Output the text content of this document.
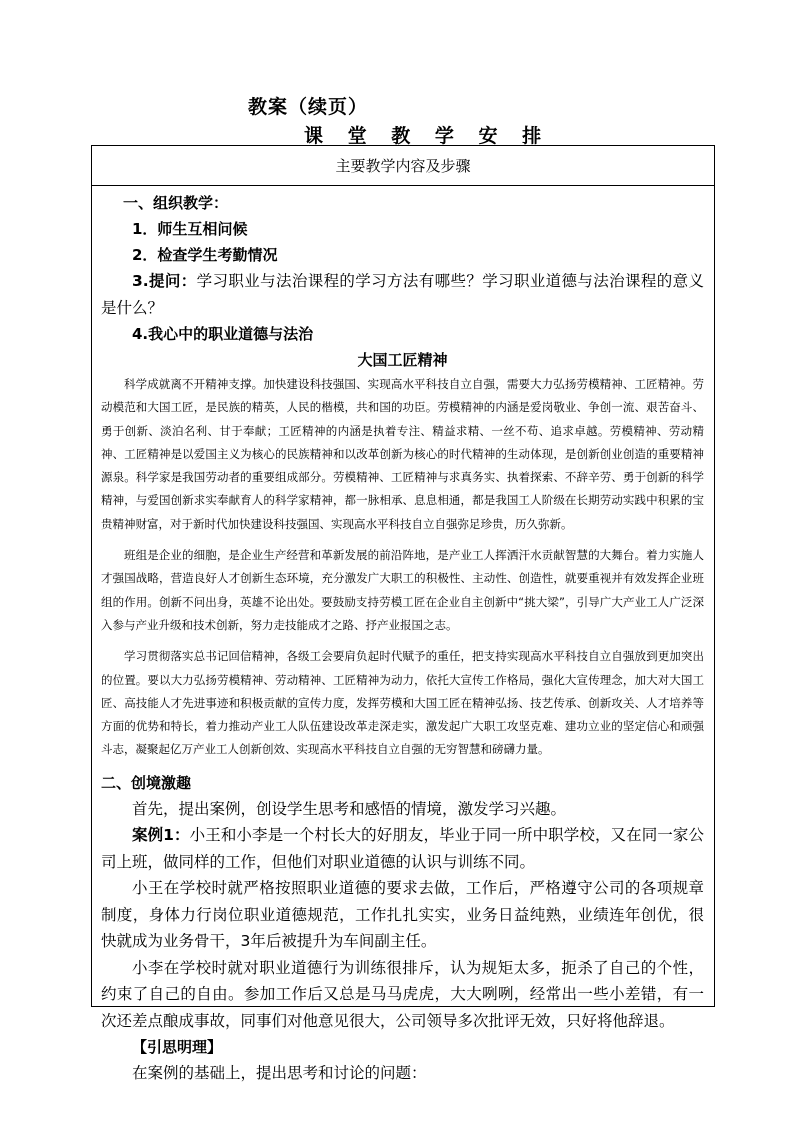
教案（续页）
课 堂 教 学 安 排
主要教学内容及步骤
一、组织教学：
1．师生互相问候
2．检查学生考勤情况
3.提问：学习职业与法治课程的学习方法有哪些？学习职业道德与法治课程的意义是什么？
4.我心中的职业道德与法治
大国工匠精神
科学成就离不开精神支撑。加快建设科技强国、实现高水平科技自立自强，需要大力弘扬劳模精神、工匠精神。劳动模范和大国工匠，是民族的精英，人民的楷模，共和国的功臣。劳模精神的内涵是爱岗敬业、争创一流、艰苦奋斗、勇于创新、淡泊名利、甘于奉献；工匠精神的内涵是执着专注、精益求精、一丝不苟、追求卓越。劳模精神、劳动精神、工匠精神是以爱国主义为核心的民族精神和以改革创新为核心的时代精神的生动体现，是创新创业创造的重要精神源泉。科学家是我国劳动者的重要组成部分。劳模精神、工匠精神与求真务实、执着探索、不辞辛劳、勇于创新的科学精神，与爱国创新求实奉献育人的科学家精神，都一脉相承、息息相通，都是我国工人阶级在长期劳动实践中积累的宝贵精神财富，对于新时代加快建设科技强国、实现高水平科技自立自强弥足珍贵，历久弥新。
班组是企业的细胞，是企业生产经营和革新发展的前沿阵地，是产业工人挥洒汗水贡献智慧的大舞台。着力实施人才强国战略，营造良好人才创新生态环境，充分激发广大职工的积极性、主动性、创造性，就要重视并有效发挥企业班组的作用。创新不问出身，英雄不论出处。要鼓励支持劳模工匠在企业自主创新中“挑大梁”，引导广大产业工人广泛深入参与产业升级和技术创新，努力走技能成才之路、抒产业报国之志。
学习贯彻落实总书记回信精神，各级工会要肩负起时代赋予的重任，把支持实现高水平科技自立自强放到更加突出的位置。要以大力弘扬劳模精神、劳动精神、工匠精神为动力，依托大宣传工作格局，强化大宣传理念，加大对大国工匠、高技能人才先进事迹和积极贡献的宣传力度，发挥劳模和大国工匠在精神弘扬、技艺传承、创新攻关、人才培养等方面的优势和特长，着力推动产业工人队伍建设改革走深走实，激发起广大职工攻坚克难、建功立业的坚定信心和顽强斗志，凝聚起亿万产业工人创新创效、实现高水平科技自立自强的无穷智慧和磅礴力量。
二、创境激趣
首先，提出案例，创设学生思考和感悟的情境，激发学习兴趣。
案例1：小王和小李是一个村长大的好朋友，毕业于同一所中职学校，又在同一家公司上班，做同样的工作，但他们对职业道德的认识与训练不同。
小王在学校时就严格按照职业道德的要求去做，工作后，严格遵守公司的各项规章制度，身体力行岗位职业道德规范，工作扎扎实实，业务日益纯熟，业绩连年创优，很快就成为业务骨干，3年后被提升为车间副主任。
小李在学校时就对职业道德行为训练很排斥，认为规矩太多，扼杀了自己的个性，约束了自己的自由。参加工作后又总是马马虎虎，大大咧咧，经常出一些小差错，有一次还差点酿成事故，同事们对他意见很大，公司领导多次批评无效，只好将他辞退。
【引思明理】
在案例的基础上，提出思考和讨论的问题：
